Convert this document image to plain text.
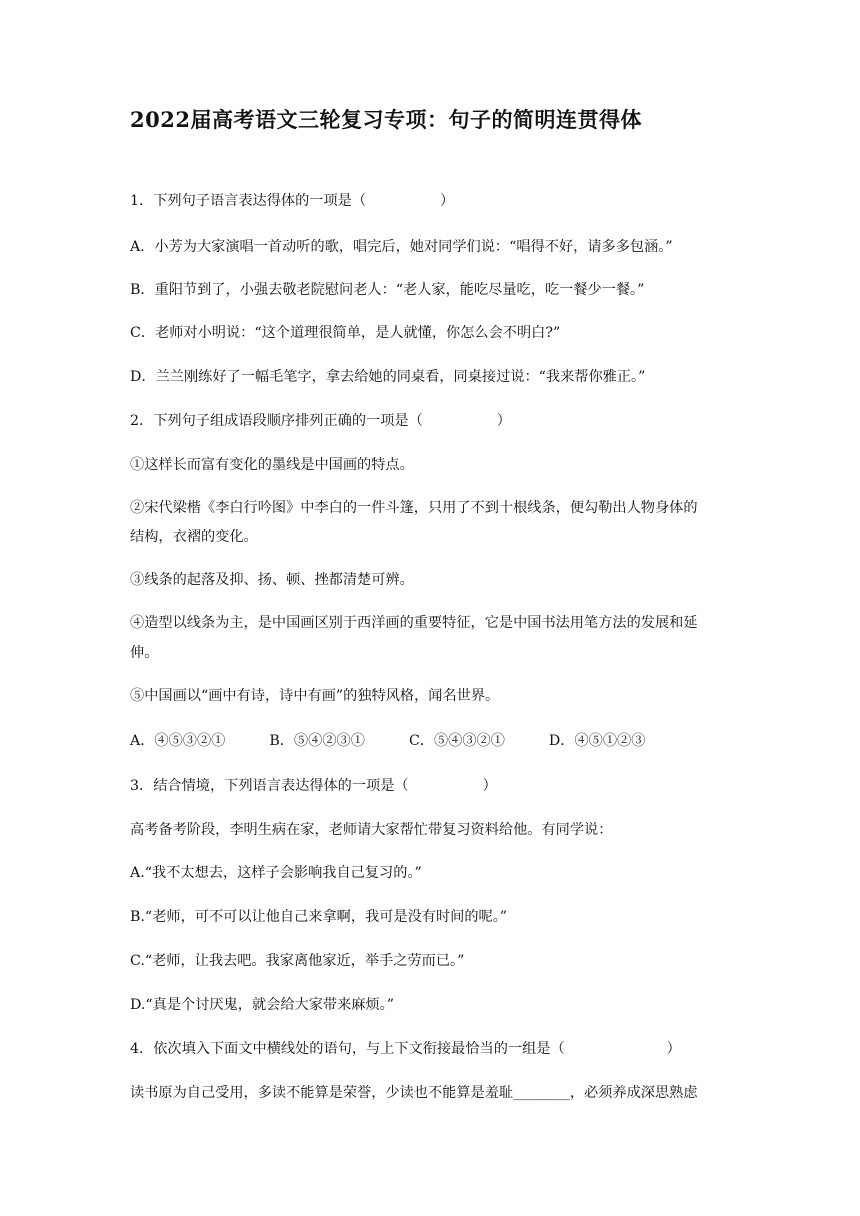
2022届高考语文三轮复习专项：句子的简明连贯得体
1．下列句子语言表达得体的一项是（	）
A．小芳为大家演唱一首动听的歌，唱完后，她对同学们说：“唱得不好，请多多包涵。”
B．重阳节到了，小强去敬老院慰问老人：“老人家，能吃尽量吃，吃一餐少一餐。”
C．老师对小明说：“这个道理很简单，是人就懂，你怎么会不明白?”
D．兰兰刚练好了一幅毛笔字，拿去给她的同桌看，同桌接过说：“我来帮你雅正。”
2．下列句子组成语段顺序排列正确的一项是（	）
①这样长而富有变化的墨线是中国画的特点。
②宋代梁楷《李白行吟图》中李白的一件斗篷，只用了不到十根线条，便勾勒出人物身体的
结构，衣褶的变化。
③线条的起落及抑、扬、顿、挫都清楚可辨。
④造型以线条为主，是中国画区别于西洋画的重要特征，它是中国书法用笔方法的发展和延
伸。
⑤中国画以“画中有诗，诗中有画”的独特风格，闻名世界。
A．④⑤③②①	B．⑤④②③①	C．⑤④③②①	D．④⑤①②③
3．结合情境，下列语言表达得体的一项是（	）
高考备考阶段，李明生病在家，老师请大家帮忙带复习资料给他。有同学说：
A.“我不太想去，这样子会影响我自己复习的。”
B.“老师，可不可以让他自己来拿啊，我可是没有时间的呢。”
C.“老师，让我去吧。我家离他家近，举手之劳而已。”
D.“真是个讨厌鬼，就会给大家带来麻烦。”
4．依次填入下面文中横线处的语句，与上下文衔接最恰当的一组是（	）
读书原为自己受用，多读不能算是荣誉，少读也不能算是羞耻________，必须养成深思熟虑
